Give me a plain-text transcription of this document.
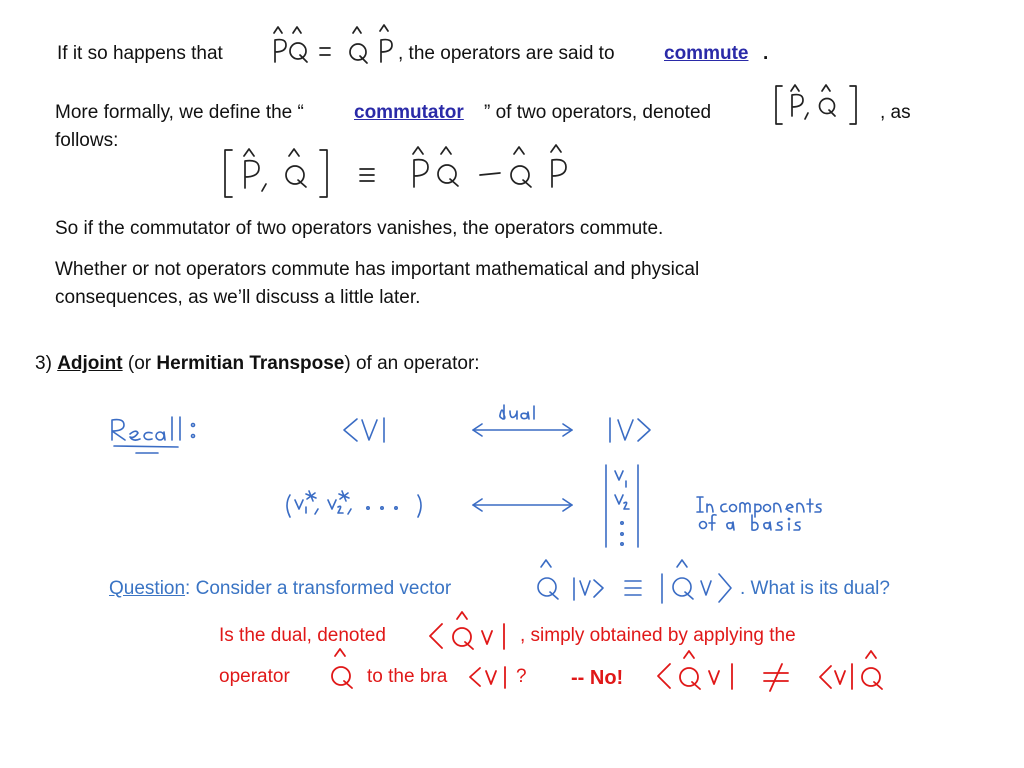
If it so happens that	, the operators are said to	commute .
More formally, we define the “	commutator ” of two operators, denoted	, as
follows:
So if the commutator of two operators vanishes, the operators commute.
Whether or not operators commute has important mathematical and physical
consequences, as we’ll discuss a little later.
3) Adjoint (or Hermitian Transpose) of an operator:
Question: Consider a transformed vector	. What is its dual?
Is the dual, denoted	, simply obtained by applying the
operator	to the bra	? -- No!
